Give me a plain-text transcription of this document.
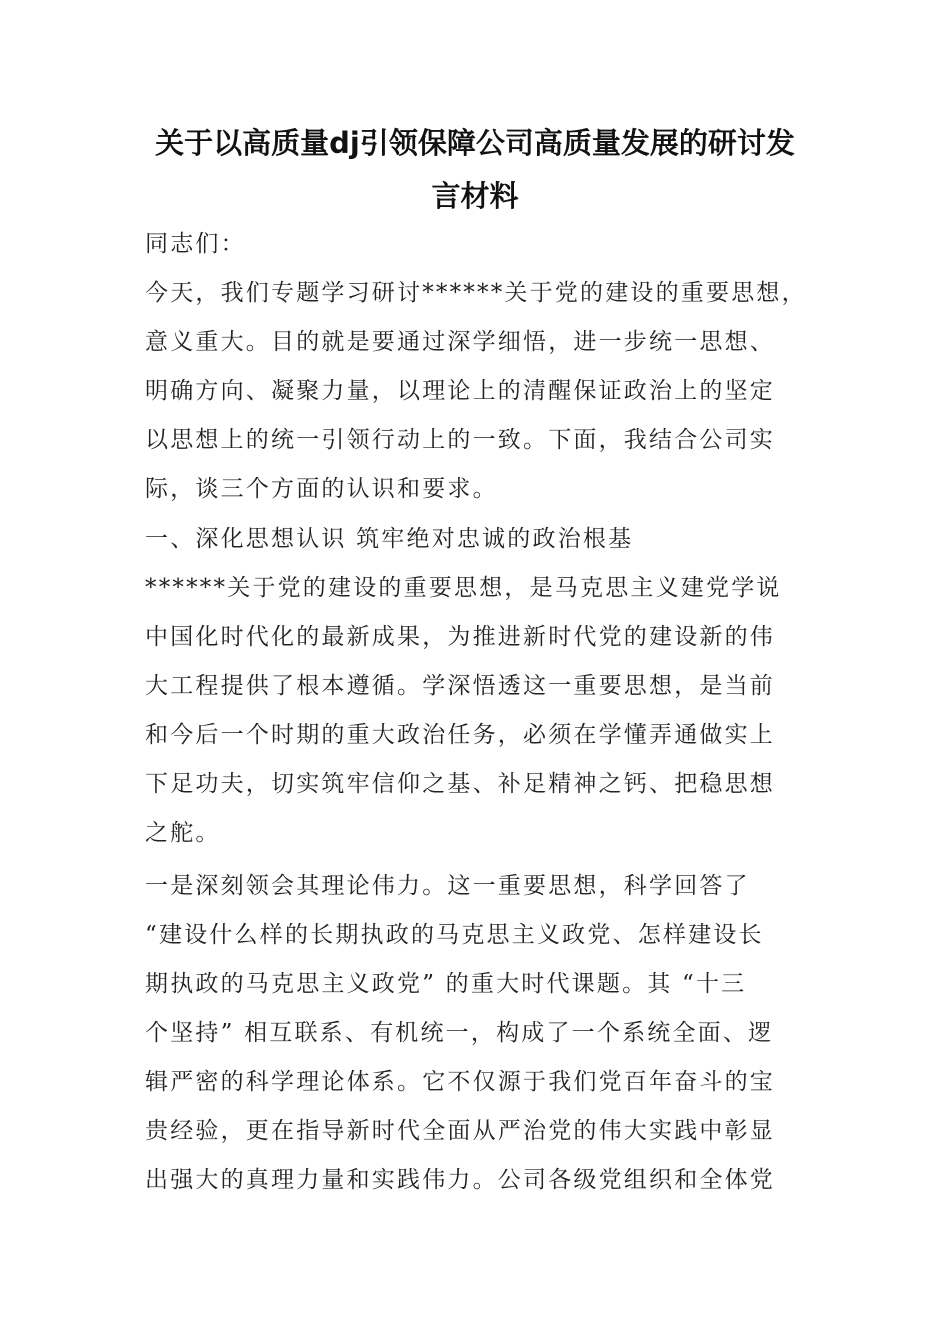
关于以高质量dj引领保障公司高质量发展的研讨发
言材料
同志们：
今天，我们专题学习研讨******关于党的建设的重要思想，
意义重大。目的就是要通过深学细悟，进一步统一思想、
明确方向、凝聚力量，以理论上的清醒保证政治上的坚定
以思想上的统一引领行动上的一致。下面，我结合公司实
际，谈三个方面的认识和要求。
一、深化思想认识 筑牢绝对忠诚的政治根基
******关于党的建设的重要思想，是马克思主义建党学说
中国化时代化的最新成果，为推进新时代党的建设新的伟
大工程提供了根本遵循。学深悟透这一重要思想，是当前
和今后一个时期的重大政治任务，必须在学懂弄通做实上
下足功夫，切实筑牢信仰之基、补足精神之钙、把稳思想
之舵。
一是深刻领会其理论伟力。这一重要思想，科学回答了
“建设什么样的长期执政的马克思主义政党、怎样建设长
期执政的马克思主义政党” 的重大时代课题。其 “十三
个坚持” 相互联系、有机统一，构成了一个系统全面、逻
辑严密的科学理论体系。它不仅源于我们党百年奋斗的宝
贵经验，更在指导新时代全面从严治党的伟大实践中彰显
出强大的真理力量和实践伟力。公司各级党组织和全体党
